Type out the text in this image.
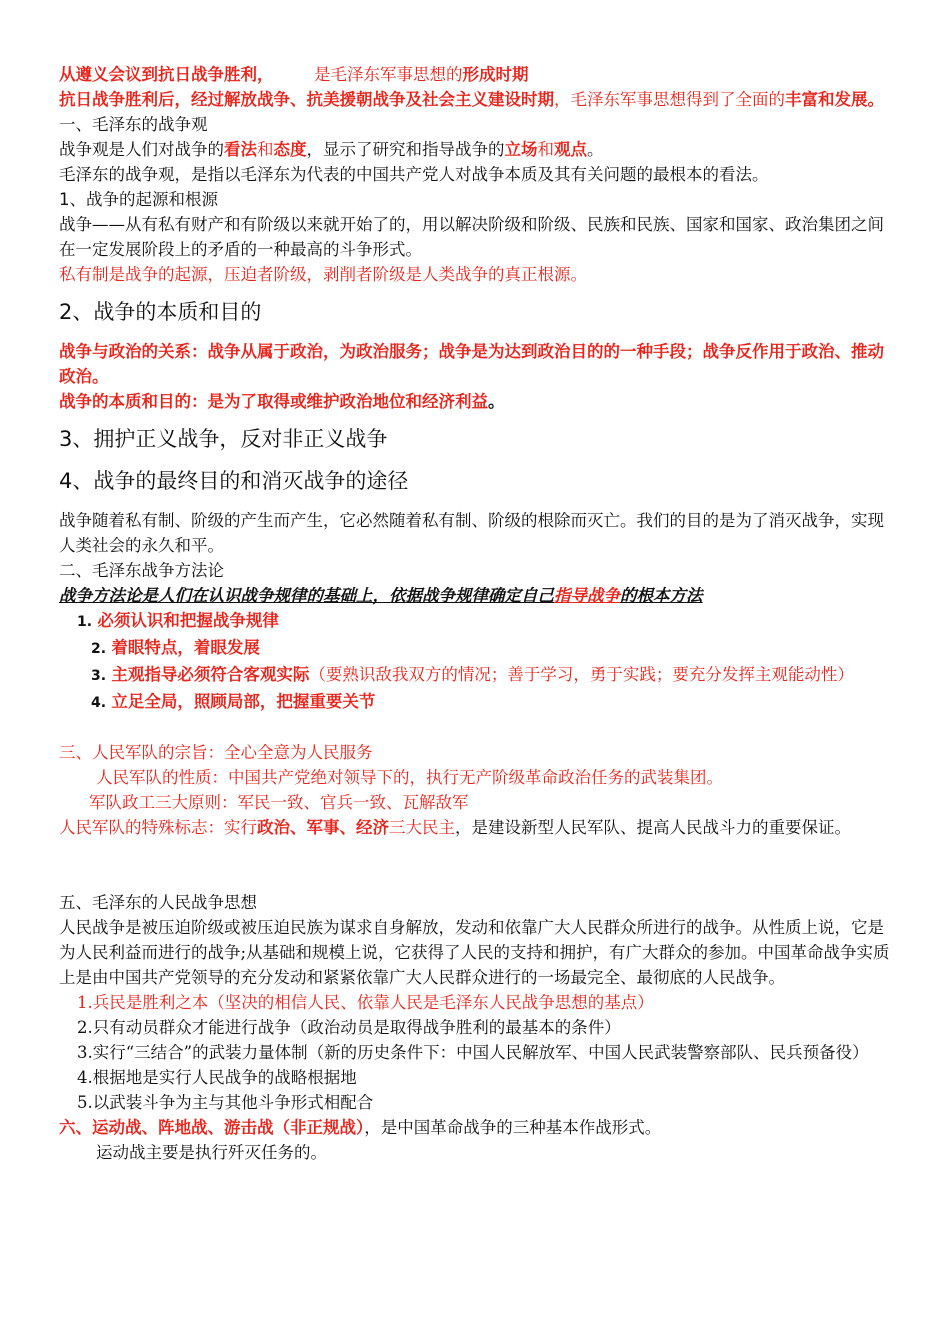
从遵义会议到抗日战争胜利， 是毛泽东军事思想的形成时期
抗日战争胜利后，经过解放战争、抗美援朝战争及社会主义建设时期，毛泽东军事思想得到了全面的丰富和发展。
一、毛泽东的战争观
战争观是人们对战争的看法和态度，显示了研究和指导战争的立场和观点。
毛泽东的战争观，是指以毛泽东为代表的中国共产党人对战争本质及其有关问题的最根本的看法。
1、战争的起源和根源
战争——从有私有财产和有阶级以来就开始了的，用以解决阶级和阶级、民族和民族、国家和国家、政治集团之间在一定发展阶段上的矛盾的一种最高的斗争形式。
私有制是战争的起源，压迫者阶级，剥削者阶级是人类战争的真正根源。
2、战争的本质和目的
战争与政治的关系：战争从属于政治，为政治服务；战争是为达到政治目的的一种手段；战争反作用于政治、推动政治。
战争的本质和目的：是为了取得或维护政治地位和经济利益。
3、拥护正义战争，反对非正义战争
4、战争的最终目的和消灭战争的途径
战争随着私有制、阶级的产生而产生，它必然随着私有制、阶级的根除而灭亡。我们的目的是为了消灭战争，实现人类社会的永久和平。
二、毛泽东战争方法论
战争方法论是人们在认识战争规律的基础上，依据战争规律确定自己指导战争的根本方法
1. 必须认识和把握战争规律
2. 着眼特点，着眼发展
3. 主观指导必须符合客观实际（要熟识敌我双方的情况；善于学习，勇于实践；要充分发挥主观能动性）
4. 立足全局，照顾局部，把握重要关节
三、人民军队的宗旨：全心全意为人民服务
人民军队的性质：中国共产党绝对领导下的，执行无产阶级革命政治任务的武装集团。
军队政工三大原则：军民一致、官兵一致、瓦解敌军
人民军队的特殊标志：实行政治、军事、经济三大民主，是建设新型人民军队、提高人民战斗力的重要保证。
五、毛泽东的人民战争思想
人民战争是被压迫阶级或被压迫民族为谋求自身解放，发动和依靠广大人民群众所进行的战争。从性质上说，它是为人民利益而进行的战争;从基础和规模上说，它获得了人民的支持和拥护，有广大群众的参加。中国革命战争实质上是由中国共产党领导的充分发动和紧紧依靠广大人民群众进行的一场最完全、最彻底的人民战争。
1.兵民是胜利之本（坚决的相信人民、依靠人民是毛泽东人民战争思想的基点）
2.只有动员群众才能进行战争（政治动员是取得战争胜利的最基本的条件）
3.实行“三结合”的武装力量体制（新的历史条件下：中国人民解放军、中国人民武装警察部队、民兵预备役）
4.根据地是实行人民战争的战略根据地
5.以武装斗争为主与其他斗争形式相配合
六、运动战、阵地战、游击战（非正规战），是中国革命战争的三种基本作战形式。
运动战主要是执行歼灭任务的。
